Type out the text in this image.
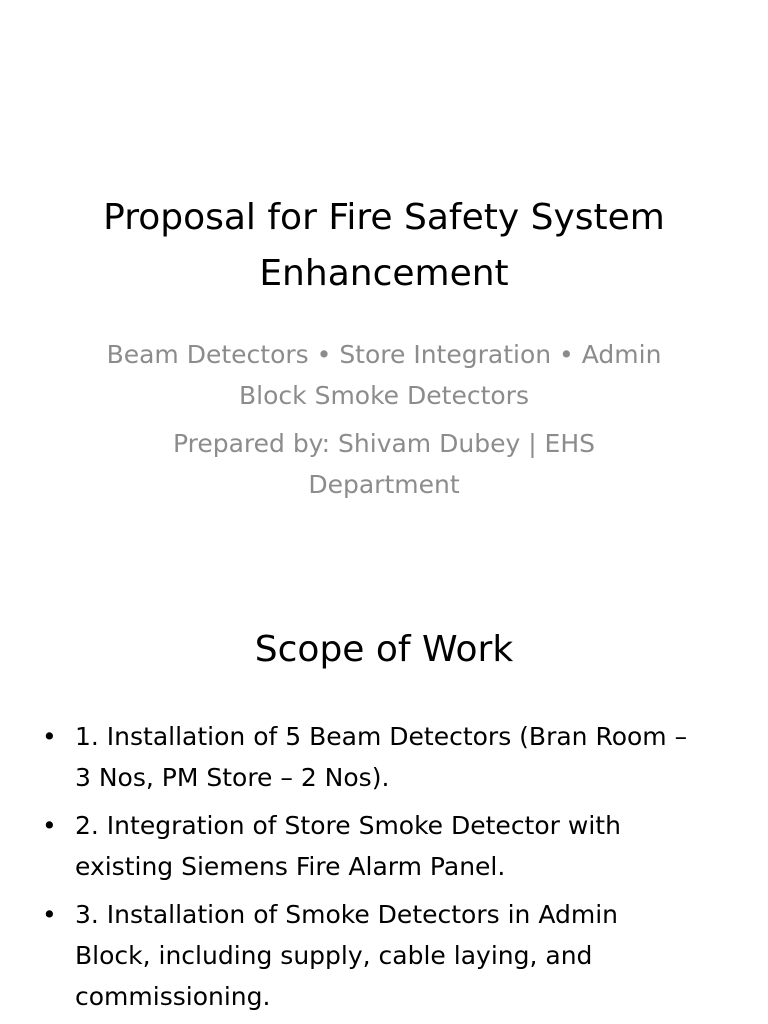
Proposal for Fire Safety System Enhancement

Beam Detectors • Store Integration • Admin Block Smoke Detectors

Prepared by: Shivam Dubey | EHS Department

Scope of Work
• 1. Installation of 5 Beam Detectors (Bran Room – 3 Nos, PM Store – 2 Nos).
• 2. Integration of Store Smoke Detector with existing Siemens Fire Alarm Panel.
• 3. Installation of Smoke Detectors in Admin Block, including supply, cable laying, and commissioning.
